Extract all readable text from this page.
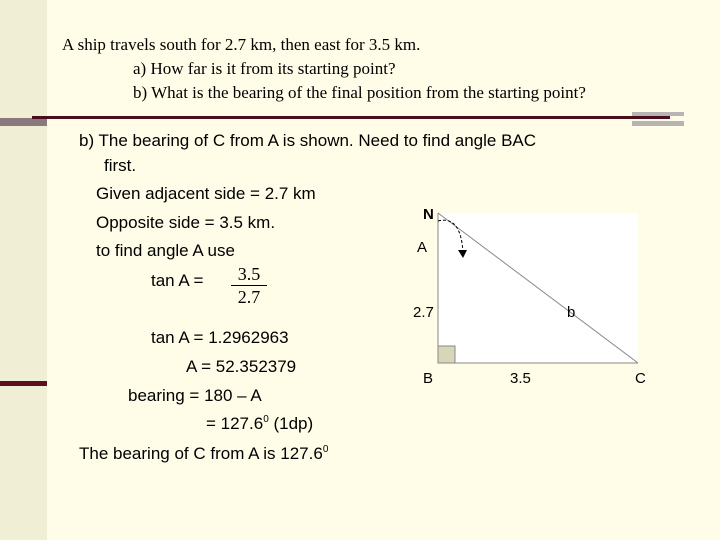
A ship travels south for 2.7 km, then east for 3.5 km.
a) How far is it from its starting point?
b) What is the bearing of the final position from the starting point?
b) The bearing of C from A is shown. Need to find angle BAC
first.
Given adjacent side = 2.7 km
Opposite side = 3.5 km.
to find angle A use
tan A =	3.5
2.7
tan A = 1.2962963
A = 52.352379
bearing = 180 – A
= $127.6^0$ (1dp)
The bearing of C from A is 127.6$^0$
N
A
2.7	b
B	3.5	C
